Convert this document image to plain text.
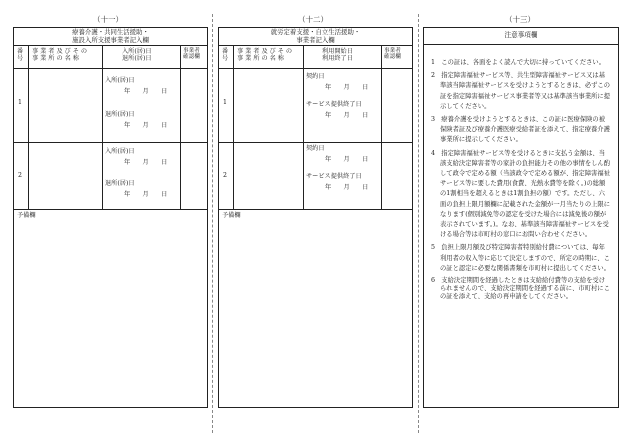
（十一）	（十二）	（十三）
療養介護・共同生活援助・
施設入所支援事業者記入欄
番
号
事 業 者 及 び そ の
事 業 所 の 名 称
入所(居)日
退所(居)日
事業者
確認欄
1
入所(居)日
年　　月　　日
退所(居)日
年　　月　　日
2
入所(居)日
年　　月　　日
退所(居)日
年　　月　　日
予備欄
就労定着支援・自立生活援助・
事業者記入欄
番
号
事 業 者 及 び そ の
事 業 所 の 名 称
利用開始日
利用終了日
事業者
確認欄
1
契約日
年　　月　　日
サービス提供終了日
年　　月　　日
2
契約日
年　　月　　日
サービス提供終了日
年　　月　　日
予備欄
注意事項欄
1　この証は、各面をよく読んで大切に持っていてください。
2　指定障害福祉サービス等、共生型障害福祉サービス又は基準該当障害福祉サービスを受けようとするときは、必ずこの証を指定障害福祉サービス事業者等又は基準該当事業所に提示してください。
3　療養介護を受けようとするときは、この証に医療保険の被保険者証及び療養介護医療受給者証を添えて、指定療養介護事業所に提示してください。
4　指定障害福祉サービス等を受けるときに支払う金額は、当該支給決定障害者等の家計の負担能力その他の事情をしん酌して政令で定める額（当該政令で定める額が、指定障害福祉サービス等に要した費用(食費、光熱水費等を除く。)の総額の1割相当を超えるときは1割負担の額）です。ただし、六面の負担上限月額欄に記載された金額が一月当たりの上限になります(個別減免等の認定を受けた場合には減免後の額が表示されています。)。なお、基準該当障害福祉サービスを受ける場合等は市町村の窓口にお問い合わせください。
5　負担上限月額及び特定障害者特別給付費については、毎年利用者の収入等に応じて決定しますので、所定の時期に、この証と認定に必要な関係書類を市町村に提出してください。
6　支給決定期間を経過したときは支給給付費等の支給を受けられませんので、支給決定期間を経過する前に、市町村にこの証を添えて、支給の再申請をしてください。
